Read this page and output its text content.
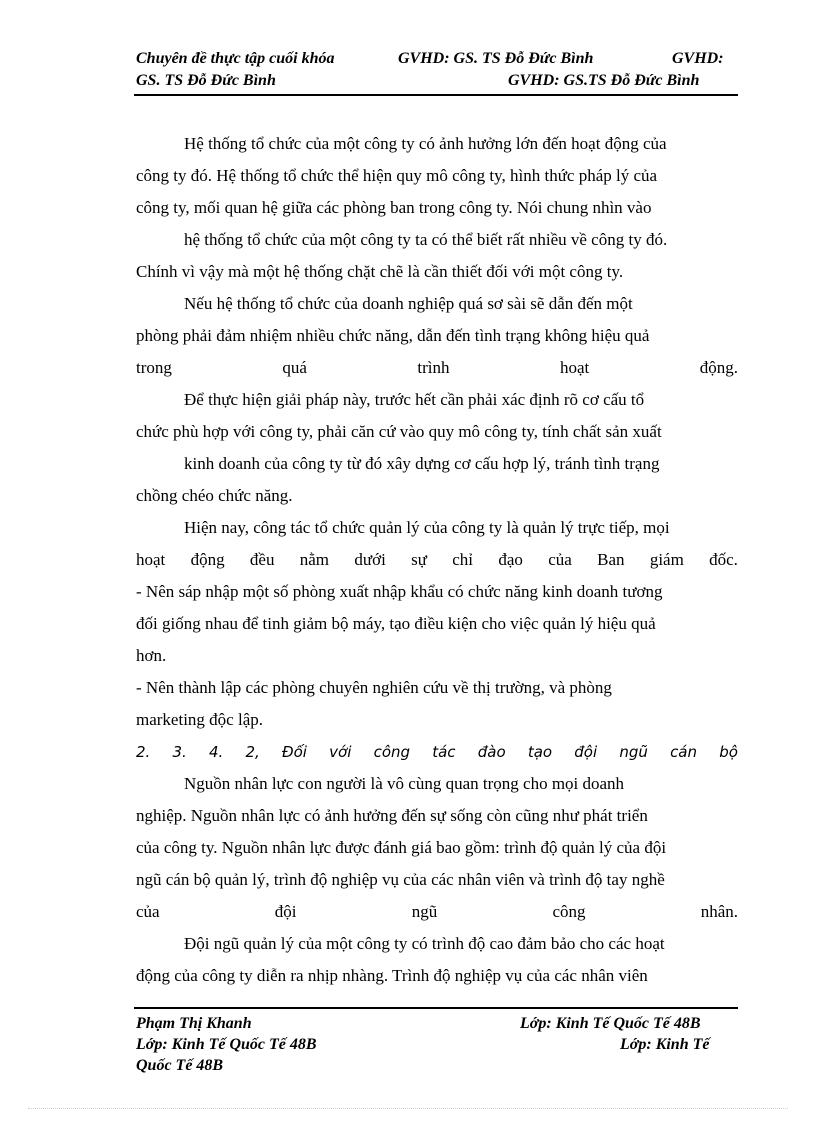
Chuyên đề thực tập cuối khóa	GVHD: GS. TS Đỗ Đức Bình	GVHD:
GS. TS Đỗ Đức Bình	GVHD: GS.TS Đỗ Đức Bình
Hệ thống tổ chức của một công ty có ảnh hưởng lớn đến hoạt động của
công ty đó. Hệ thống tổ chức thể hiện quy mô công ty, hình thức pháp lý của
công ty, mối quan hệ giữa các phòng ban trong công ty. Nói chung nhìn vào
hệ thống tổ chức của một công ty ta có thể biết rất nhiều về công ty đó.
Chính vì vậy mà một hệ thống chặt chẽ là cần thiết đối với một công ty.
Nếu hệ thống tổ chức của doanh nghiệp quá sơ sài sẽ dẫn đến một
phòng phải đảm nhiệm nhiều chức năng, dẫn đến tình trạng không hiệu quả
trong	quá	trình	hoạt	động.
Để thực hiện giải pháp này, trước hết cần phải xác định rõ cơ cấu tổ
chức phù hợp với công ty, phải căn cứ vào quy mô công ty, tính chất sản xuất
kinh doanh của công ty từ đó xây dựng cơ cấu hợp lý, tránh tình trạng
chồng chéo chức năng.
Hiện nay, công tác tổ chức quản lý của công ty là quản lý trực tiếp, mọi
hoạt động đều nằm dưới sự chỉ đạo của Ban giám đốc.
- Nên sáp nhập một số phòng xuất nhập khẩu có chức năng kinh doanh tương
đối giống nhau để tinh giảm bộ máy, tạo điều kiện cho việc quản lý hiệu quả
hơn.
- Nên thành lập các phòng chuyên nghiên cứu về thị trường, và phòng
marketing độc lập.
2. 3. 4. 2, Đối với công tác đào tạo đội ngũ cán bộ
Nguồn nhân lực con người là vô cùng quan trọng cho mọi doanh
nghiệp. Nguồn nhân lực có ảnh hưởng đến sự sống còn cũng như phát triển
của công ty. Nguồn nhân lực được đánh giá bao gồm: trình độ quản lý của đội
ngũ cán bộ quản lý, trình độ nghiệp vụ của các nhân viên và trình độ tay nghề
của	đội	ngũ	công	nhân.
Đội ngũ quản lý của một công ty có trình độ cao đảm bảo cho các hoạt
động của công ty diễn ra nhịp nhàng. Trình độ nghiệp vụ của các nhân viên
Phạm Thị Khanh	Lớp: Kinh Tế Quốc Tế 48B
Lớp: Kinh Tế Quốc Tế 48B	Lớp: Kinh Tế
Quốc Tế 48B
